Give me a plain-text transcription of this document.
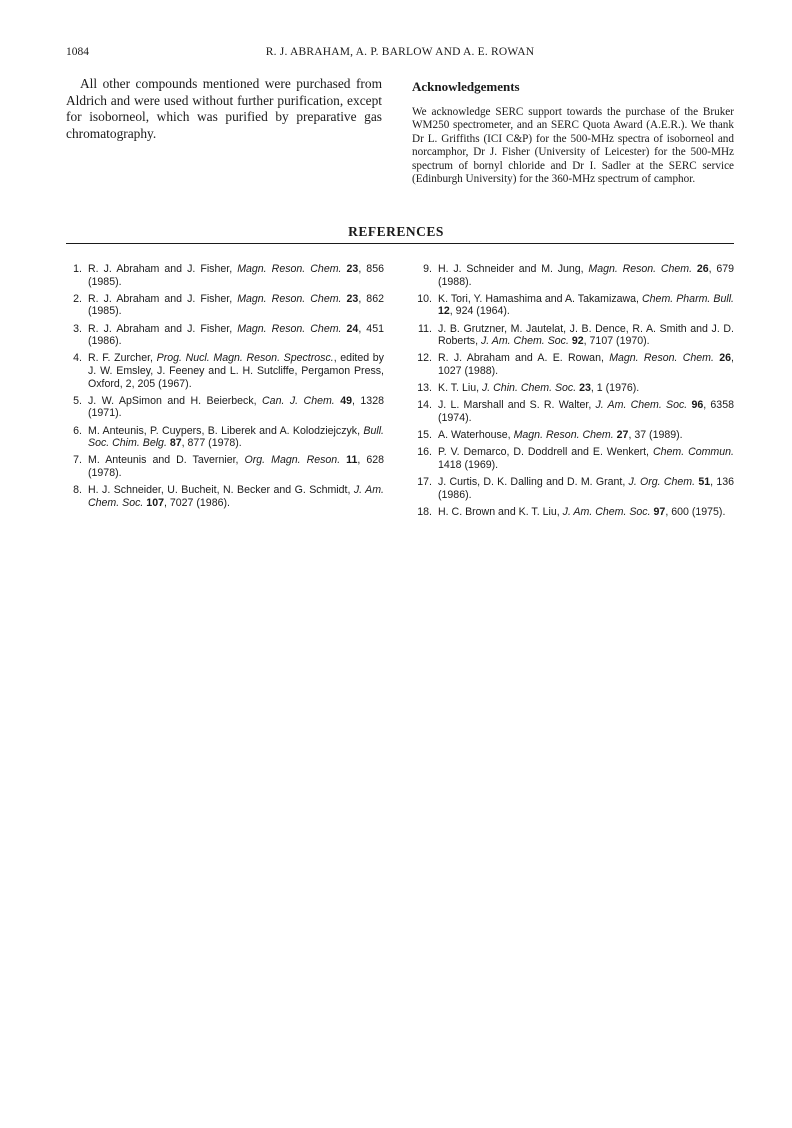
1084	R. J. ABRAHAM, A. P. BARLOW AND A. E. ROWAN
All other compounds mentioned were purchased from Aldrich and were used without further purification, except for isoborneol, which was purified by preparative gas chromatography.
Acknowledgements
We acknowledge SERC support towards the purchase of the Bruker WM250 spectrometer, and an SERC Quota Award (A.E.R.). We thank Dr L. Griffiths (ICI C&P) for the 500-MHz spectra of isoborneol and norcamphor, Dr J. Fisher (University of Leicester) for the 500-MHz spectrum of bornyl chloride and Dr I. Sadler at the SERC service (Edinburgh University) for the 360-MHz spectrum of camphor.
REFERENCES
1. R. J. Abraham and J. Fisher, Magn. Reson. Chem. 23, 856 (1985).
2. R. J. Abraham and J. Fisher, Magn. Reson. Chem. 23, 862 (1985).
3. R. J. Abraham and J. Fisher, Magn. Reson. Chem. 24, 451 (1986).
4. R. F. Zurcher, Prog. Nucl. Magn. Reson. Spectrosc., edited by J. W. Emsley, J. Feeney and L. H. Sutcliffe, Pergamon Press, Oxford, 2, 205 (1967).
5. J. W. ApSimon and H. Beierbeck, Can. J. Chem. 49, 1328 (1971).
6. M. Anteunis, P. Cuypers, B. Liberek and A. Kolodziejczyk, Bull. Soc. Chim. Belg. 87, 877 (1978).
7. M. Anteunis and D. Tavernier, Org. Magn. Reson. 11, 628 (1978).
8. H. J. Schneider, U. Bucheit, N. Becker and G. Schmidt, J. Am. Chem. Soc. 107, 7027 (1986).
9. H. J. Schneider and M. Jung, Magn. Reson. Chem. 26, 679 (1988).
10. K. Tori, Y. Hamashima and A. Takamizawa, Chem. Pharm. Bull. 12, 924 (1964).
11. J. B. Grutzner, M. Jautelat, J. B. Dence, R. A. Smith and J. D. Roberts, J. Am. Chem. Soc. 92, 7107 (1970).
12. R. J. Abraham and A. E. Rowan, Magn. Reson. Chem. 26, 1027 (1988).
13. K. T. Liu, J. Chin. Chem. Soc. 23, 1 (1976).
14. J. L. Marshall and S. R. Walter, J. Am. Chem. Soc. 96, 6358 (1974).
15. A. Waterhouse, Magn. Reson. Chem. 27, 37 (1989).
16. P. V. Demarco, D. Doddrell and E. Wenkert, Chem. Commun. 1418 (1969).
17. J. Curtis, D. K. Dalling and D. M. Grant, J. Org. Chem. 51, 136 (1986).
18. H. C. Brown and K. T. Liu, J. Am. Chem. Soc. 97, 600 (1975).
